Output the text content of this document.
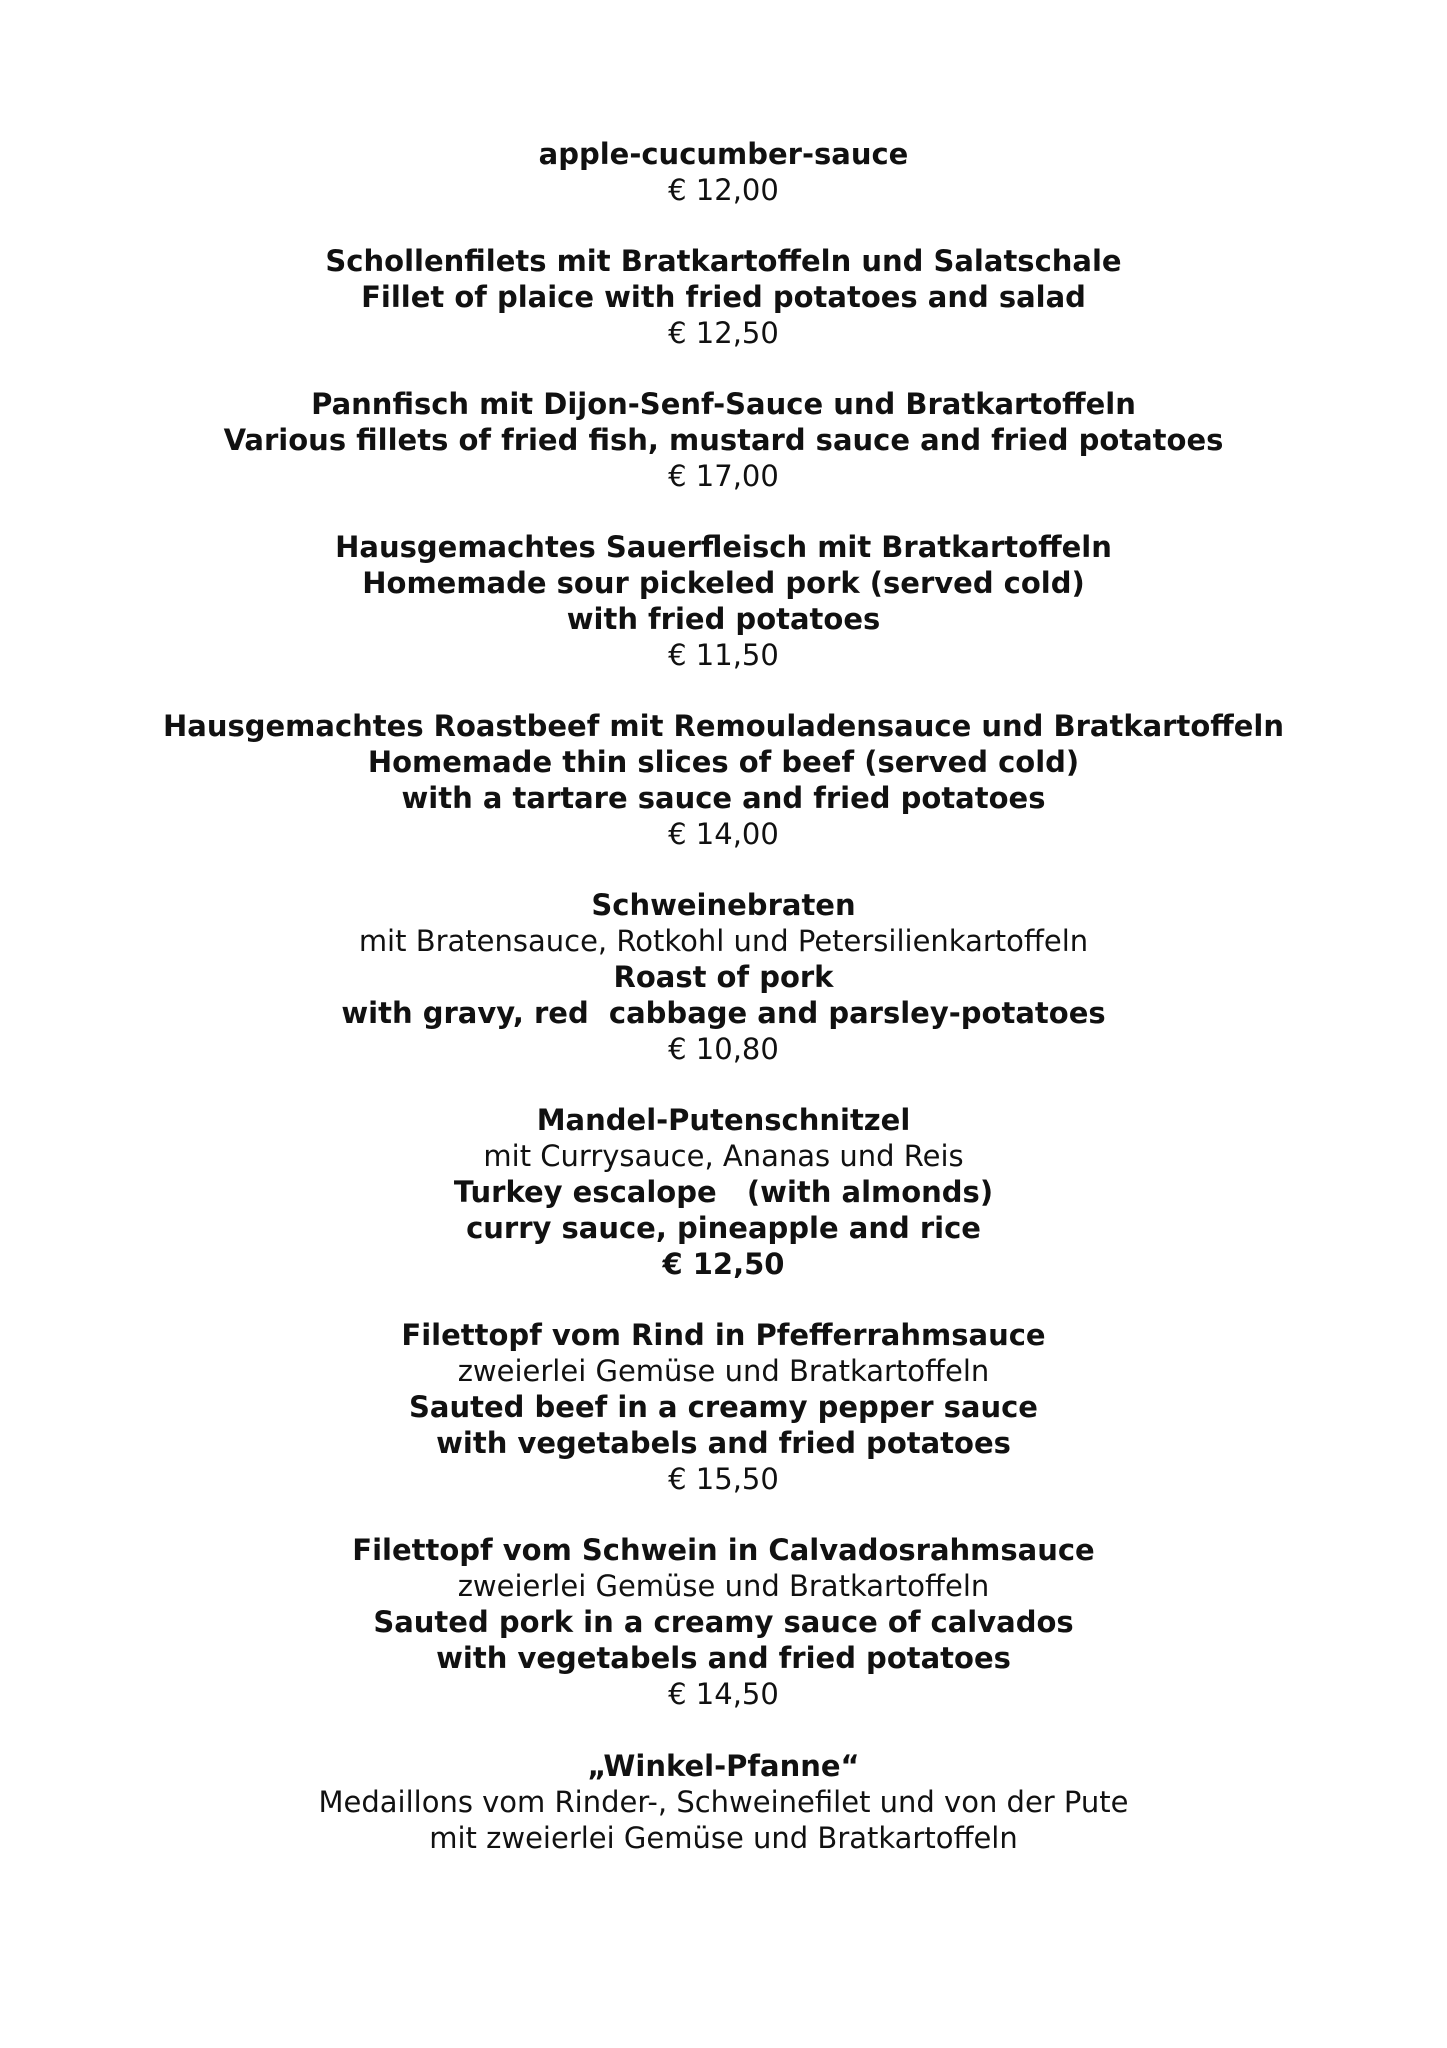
apple-cucumber-sauce
€ 12,00
Schollenfilets mit Bratkartoffeln und Salatschale
Fillet of plaice with fried potatoes and salad
€ 12,50
Pannfisch mit Dijon-Senf-Sauce und Bratkartoffeln
Various fillets of fried fish, mustard sauce and fried potatoes
€ 17,00
Hausgemachtes Sauerfleisch mit Bratkartoffeln
Homemade sour pickeled pork (served cold)
with fried potatoes
€ 11,50
Hausgemachtes Roastbeef mit Remouladensauce und Bratkartoffeln
Homemade thin slices of beef (served cold)
with a tartare sauce and fried potatoes
€ 14,00
Schweinebraten
mit Bratensauce, Rotkohl und Petersilienkartoffeln
Roast of pork
with gravy, red  cabbage and parsley-potatoes
€ 10,80
Mandel-Putenschnitzel
mit Currysauce, Ananas und Reis
Turkey escalope   (with almonds)
curry sauce, pineapple and rice
€ 12,50
Filettopf vom Rind in Pfefferrahmsauce
zweierlei Gemüse und Bratkartoffeln
Sauted beef in a creamy pepper sauce
with vegetabels and fried potatoes
€ 15,50
Filettopf vom Schwein in Calvadosrahmsauce
zweierlei Gemüse und Bratkartoffeln
Sauted pork in a creamy sauce of calvados
with vegetabels and fried potatoes
€ 14,50
„Winkel-Pfanne“
Medaillons vom Rinder-, Schweinefilet und von der Pute
mit zweierlei Gemüse und Bratkartoffeln
